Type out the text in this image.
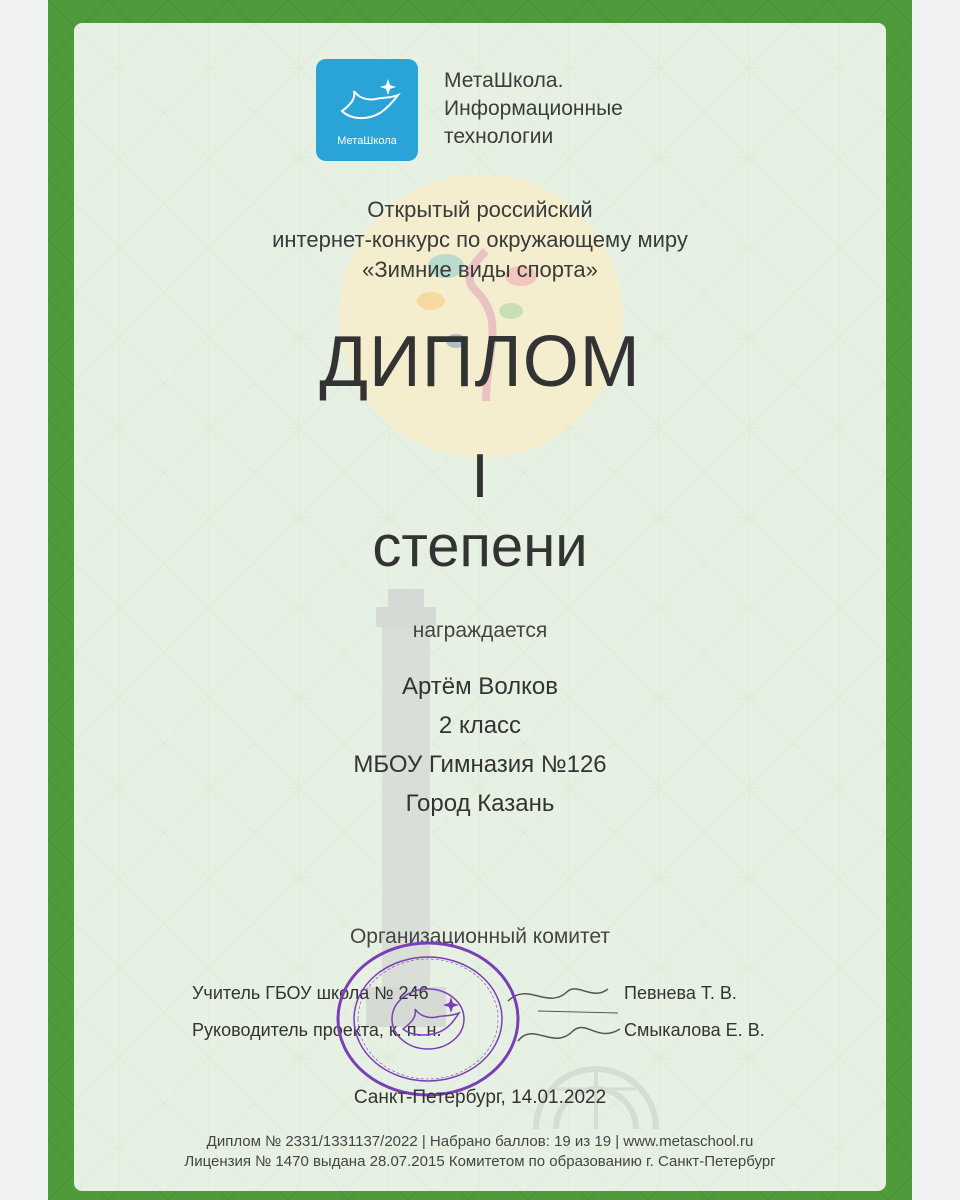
МетаШкола
МетаШкола.
Информационные
технологии
Открытый российский
интернет-конкурс по окружающему миру
«Зимние виды спорта»
ДИПЛОМ
I
степени
награждается
Артём Волков
2 класс
МБОУ Гимназия №126
Город Казань
Организационный комитет
Учитель ГБОУ школа № 246	Певнева Т. В.
Руководитель проекта, к. п. н.	Смыкалова Е. В.
Санкт-Петербург, 14.01.2022
Диплом № 2331/1331137/2022 | Набрано баллов: 19 из 19 | www.metaschool.ru
Лицензия № 1470 выдана 28.07.2015 Комитетом по образованию г. Санкт-Петербург
